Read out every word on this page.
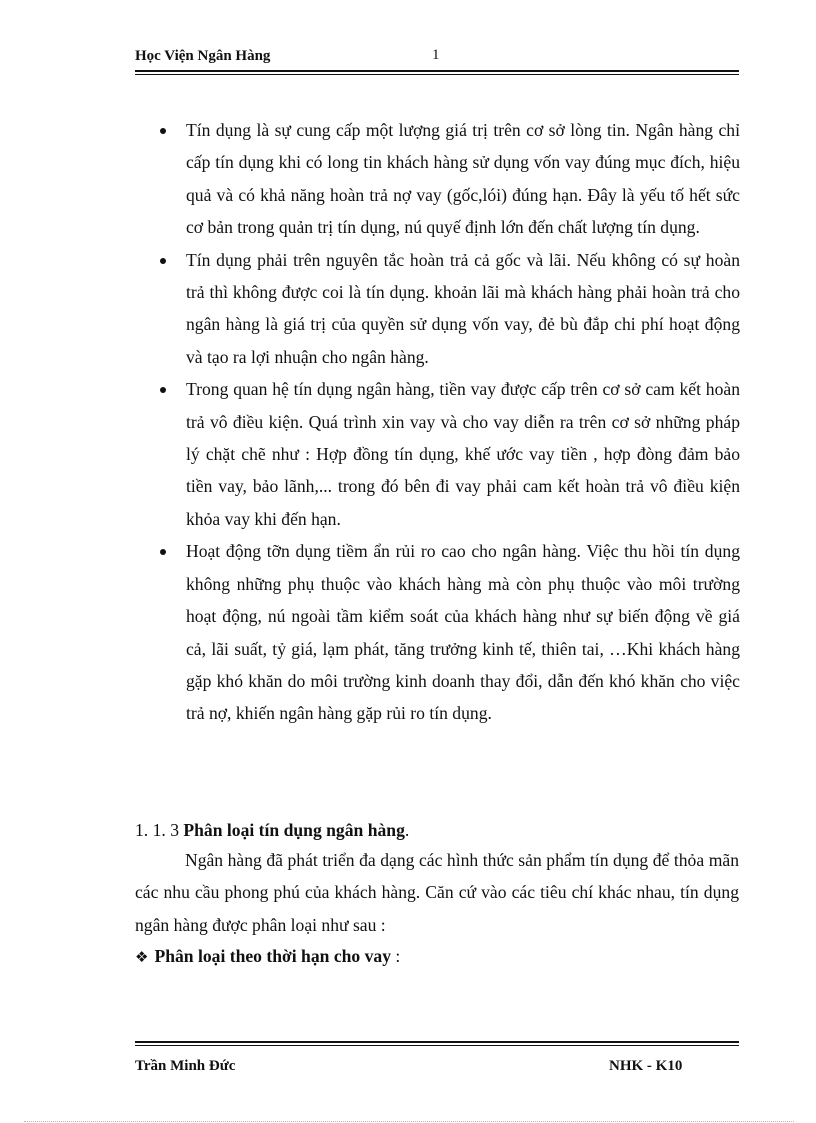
Học Viện Ngân Hàng	1
Tín dụng là sự cung cấp một lượng giá trị trên cơ sở lòng tin. Ngân hàng chỉ cấp tín dụng khi có long tin khách hàng sử dụng vốn vay đúng mục đích, hiệu quả và có khả năng hoàn trả nợ vay (gốc,lói) đúng hạn. Đây là yếu tố hết sức cơ bản trong quản trị tín dụng, nú quyế định lớn đến chất lượng tín dụng.
Tín dụng phải trên nguyên tắc hoàn trả cả gốc và lãi. Nếu không có sự hoàn trả thì không được coi là tín dụng. khoản lãi mà khách hàng phải hoàn trả cho ngân hàng là giá trị của quyền sử dụng vốn vay, đẻ bù đắp chi phí hoạt động và tạo ra lợi nhuận cho ngân hàng.
Trong quan hệ tín dụng ngân hàng, tiền vay được cấp trên cơ sở cam kết hoàn trả vô điều kiện. Quá trình xin vay và cho vay diễn ra trên cơ sở những pháp lý chặt chẽ như : Hợp đồng tín dụng, khế ước vay tiền , hợp đòng đảm bảo tiền vay, bảo lãnh,... trong đó bên đi vay phải cam kết hoàn trả vô điều kiện khỏa vay khi đến hạn.
Hoạt động tỡn dụng tiềm ẩn rủi ro cao cho ngân hàng. Việc thu hồi tín dụng không những phụ thuộc vào khách hàng mà còn phụ thuộc vào môi trường hoạt động, nú ngoài tầm kiểm soát của khách hàng như sự biến động về giá cả, lãi suất, tỷ giá, lạm phát, tăng trưởng kinh tế, thiên tai, …Khi khách hàng gặp khó khăn do môi trường kinh doanh thay đổi, dẫn đến khó khăn cho việc trả nợ, khiến ngân hàng gặp rủi ro tín dụng.
1. 1. 3 Phân loại tín dụng ngân hàng.

Ngân hàng đã phát triển đa dạng các hình thức sản phẩm tín dụng để thỏa mãn các nhu cầu phong phú của khách hàng. Căn cứ vào các tiêu chí khác nhau, tín dụng ngân hàng được phân loại như sau :

❖ Phân loại theo thời hạn cho vay :
Trần Minh Đức	NHK - K10
